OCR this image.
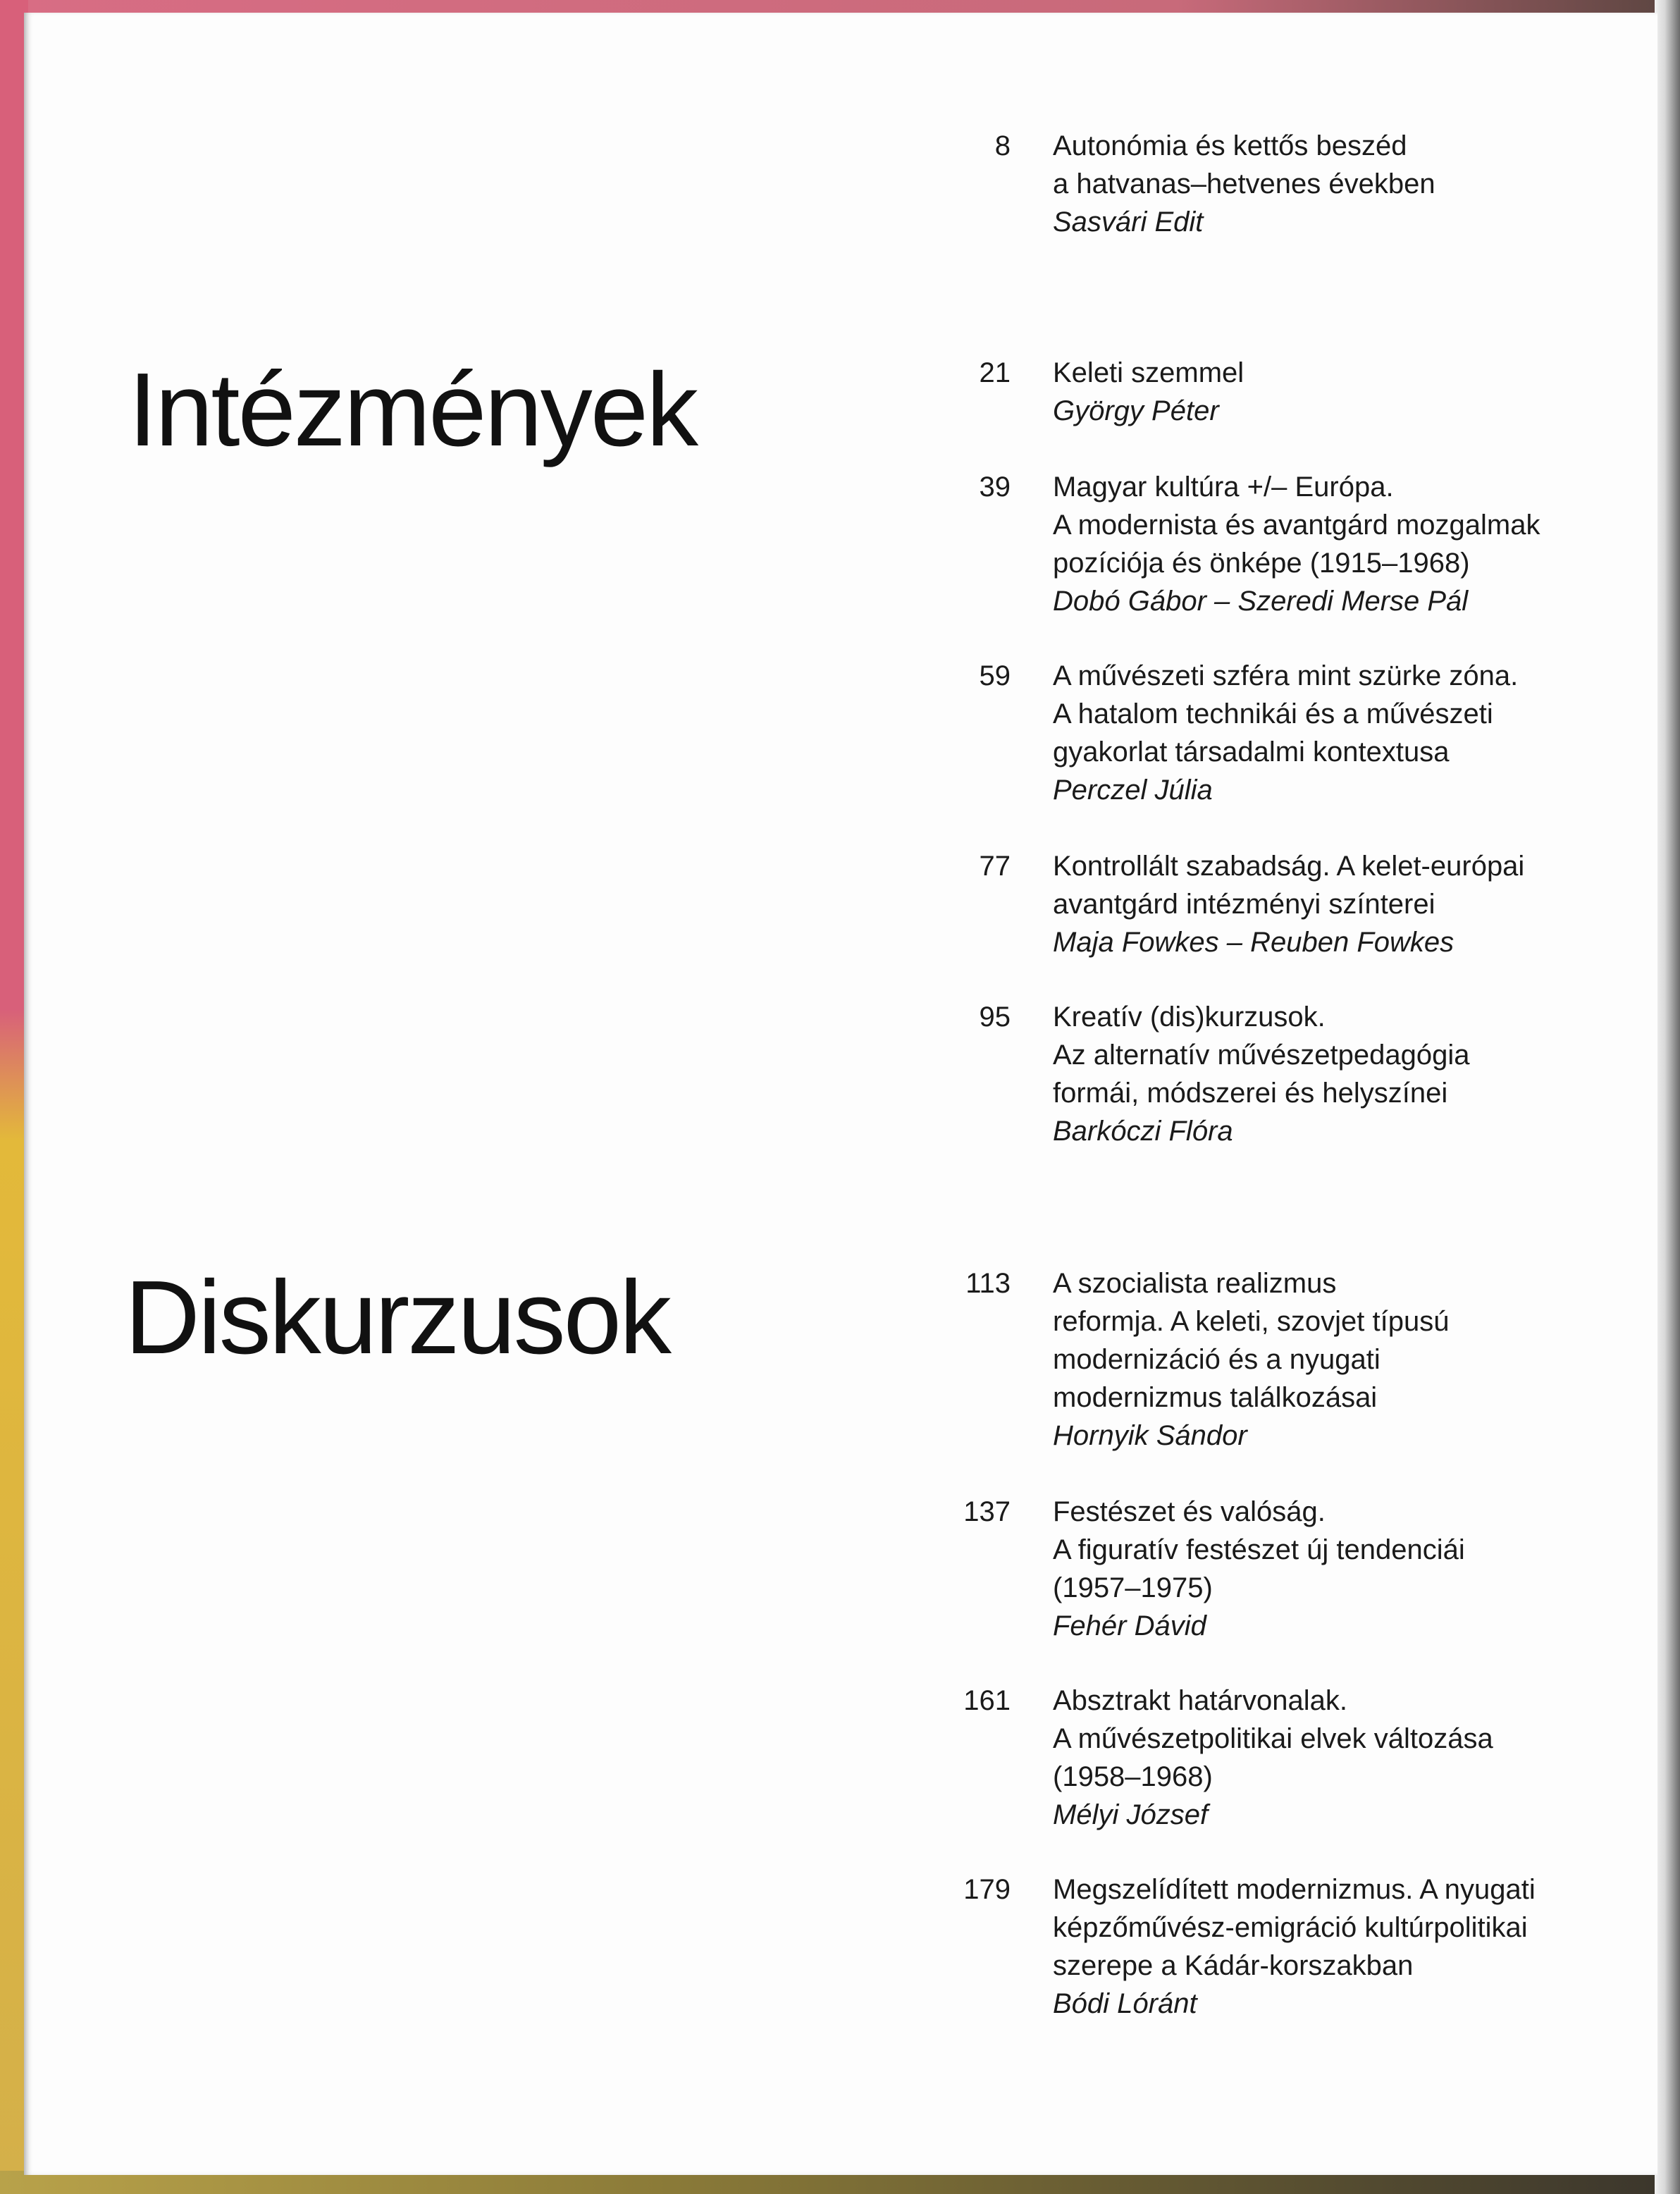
Intézmények
Diskurzusok
8 Autonómia és kettős beszéd
a hatvanas–hetvenes években
Sasvári Edit
21 Keleti szemmel
György Péter
39 Magyar kultúra +/– Európa.
A modernista és avantgárd mozgalmak
pozíciója és önképe (1915–1968)
Dobó Gábor – Szeredi Merse Pál
59 A művészeti szféra mint szürke zóna.
A hatalom technikái és a művészeti
gyakorlat társadalmi kontextusa
Perczel Júlia
77 Kontrollált szabadság. A kelet-európai
avantgárd intézményi színterei
Maja Fowkes – Reuben Fowkes
95 Kreatív (dis)kurzusok.
Az alternatív művészetpedagógia
formái, módszerei és helyszínei
Barkóczi Flóra
113 A szocialista realizmus
reformja. A keleti, szovjet típusú
modernizáció és a nyugati
modernizmus találkozásai
Hornyik Sándor
137 Festészet és valóság.
A figuratív festészet új tendenciái
(1957–1975)
Fehér Dávid
161 Absztrakt határvonalak.
A művészetpolitikai elvek változása
(1958–1968)
Mélyi József
179 Megszelídített modernizmus. A nyugati
képzőművész-emigráció kultúrpolitikai
szerepe a Kádár-korszakban
Bódi Lóránt
